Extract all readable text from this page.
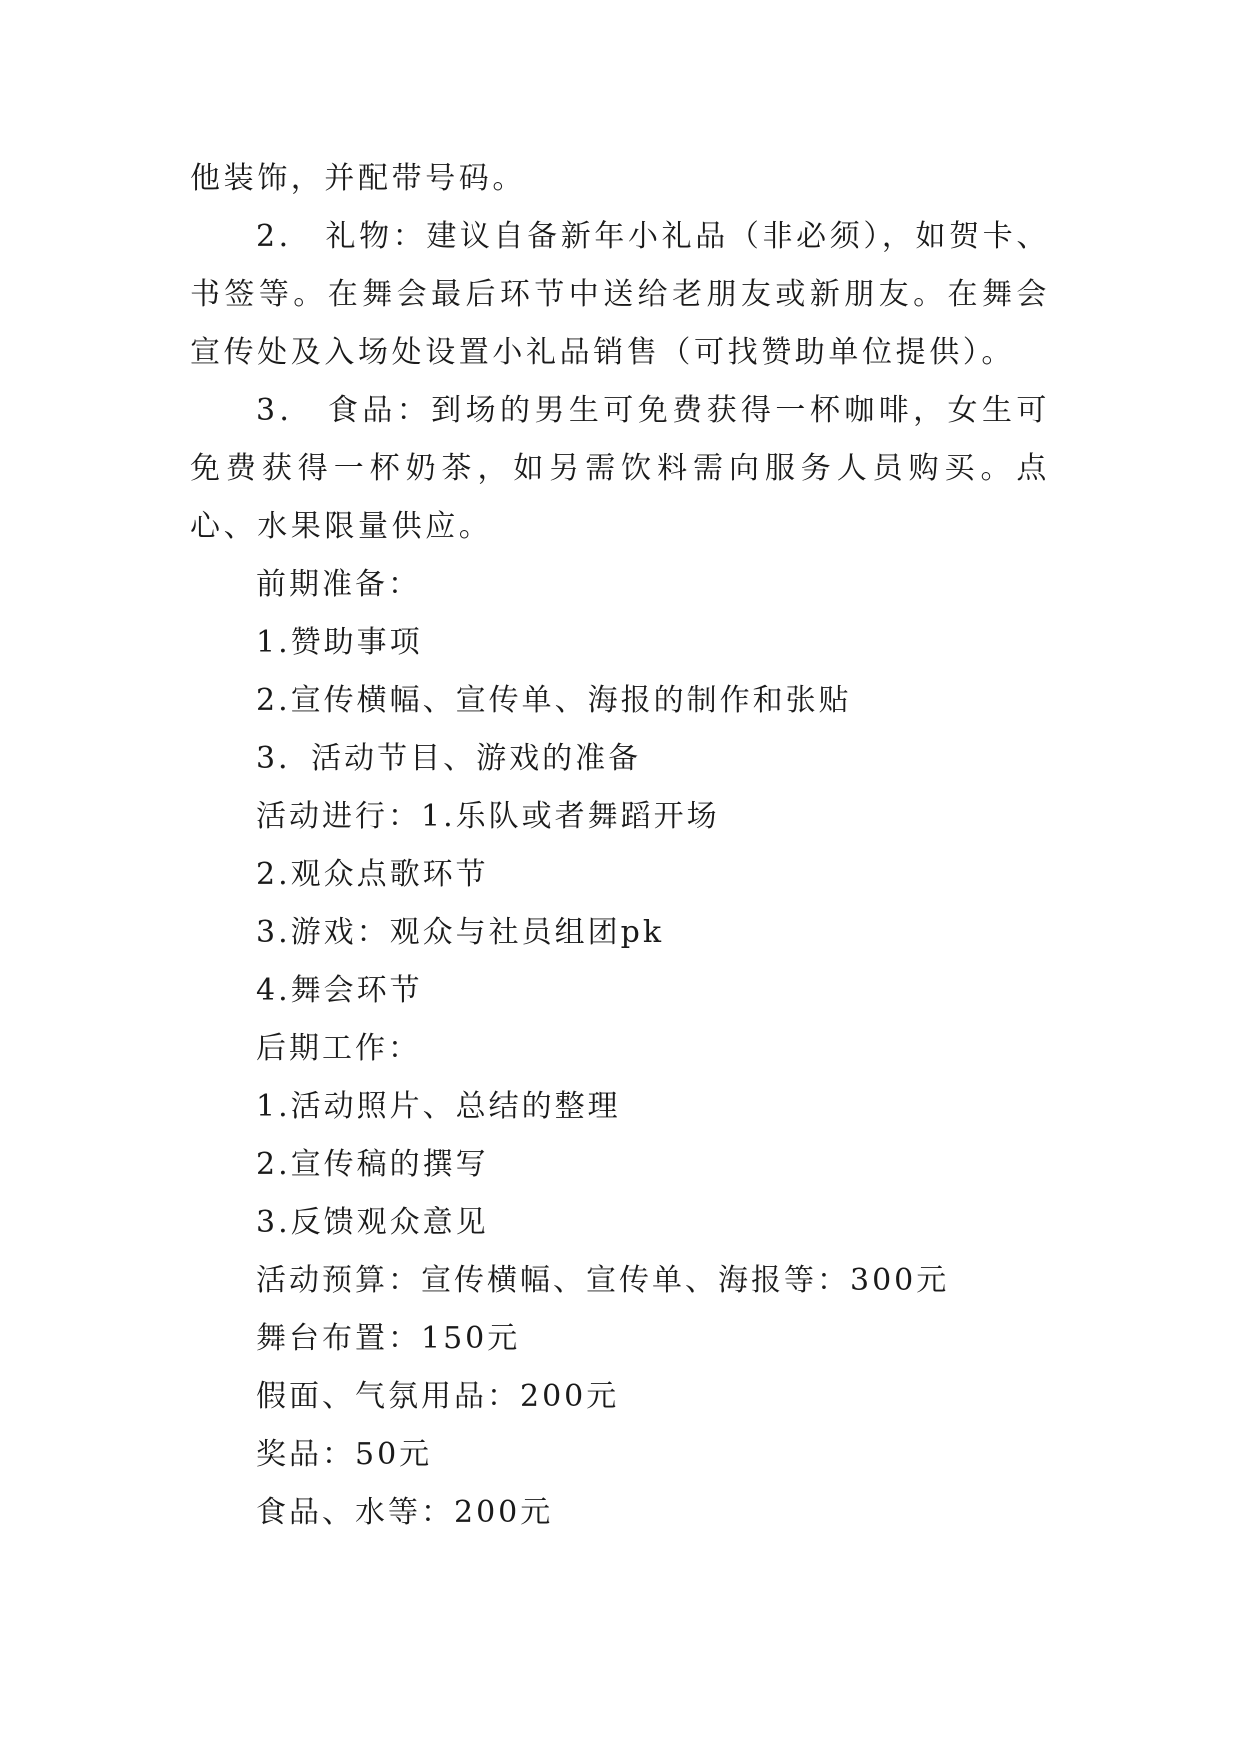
他装饰，并配带号码。

2． 礼物：建议自备新年小礼品（非必须），如贺卡、书签等。在舞会最后环节中送给老朋友或新朋友。在舞会宣传处及入场处设置小礼品销售（可找赞助单位提供）。

3． 食品：到场的男生可免费获得一杯咖啡，女生可免费获得一杯奶茶，如另需饮料需向服务人员购买。点心、水果限量供应。

前期准备：
1.赞助事项
2.宣传横幅、宣传单、海报的制作和张贴
3．活动节目、游戏的准备
活动进行：1.乐队或者舞蹈开场
2.观众点歌环节
3.游戏：观众与社员组团pk
4.舞会环节
后期工作：
1.活动照片、总结的整理
2.宣传稿的撰写
3.反馈观众意见
活动预算：宣传横幅、宣传单、海报等：300元
舞台布置：150元
假面、气氛用品：200元
奖品：50元
食品、水等：200元
